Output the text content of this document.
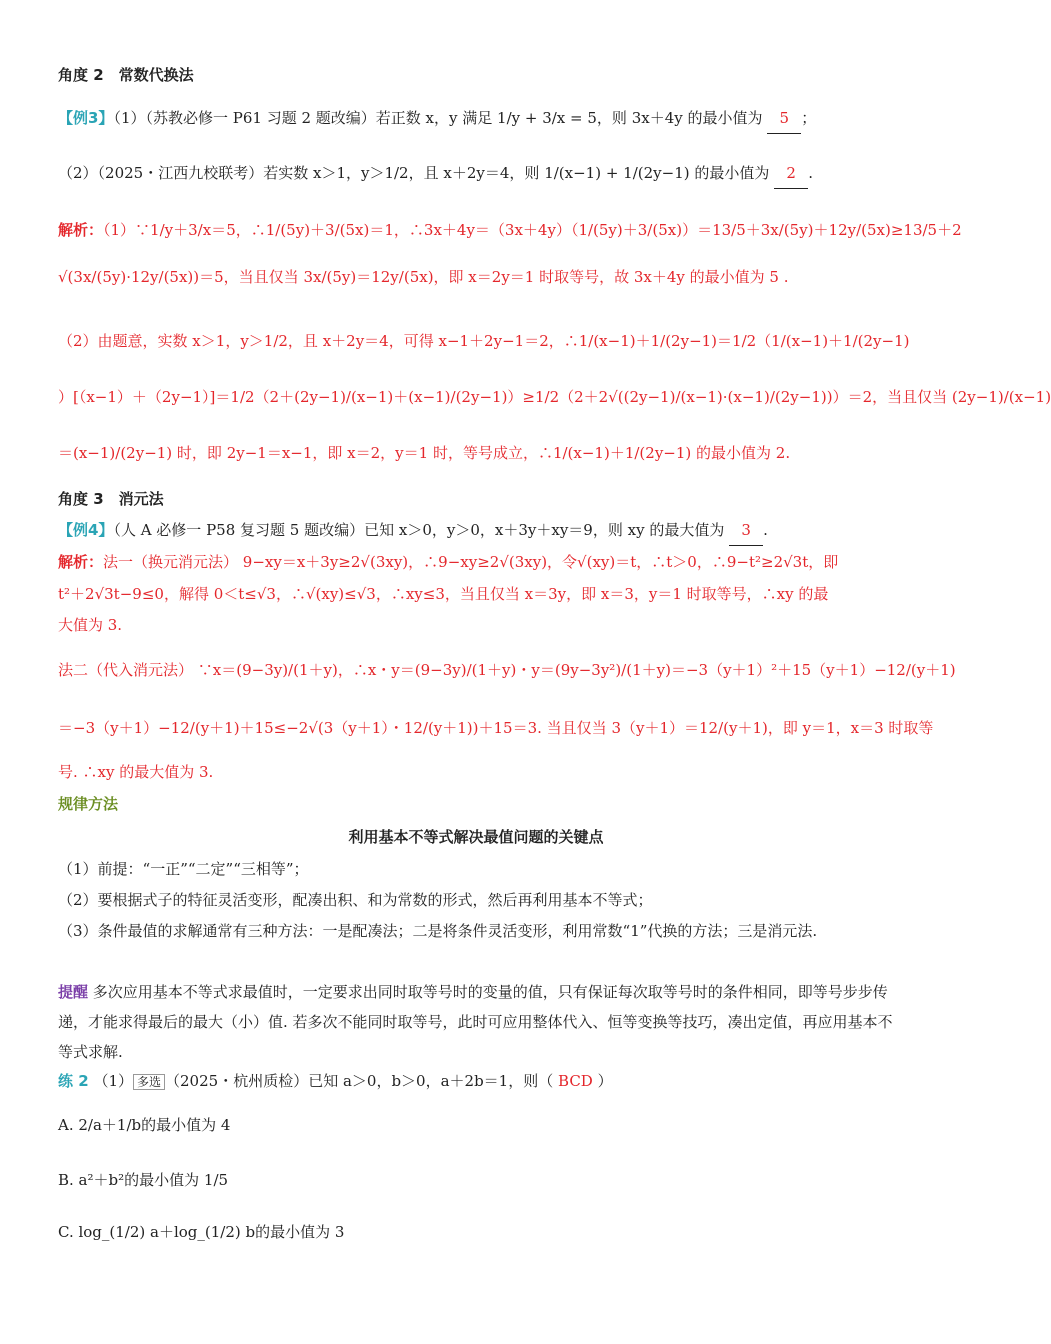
角度 2　常数代换法
【例3】（1）（苏教必修一 P61 习题 2 题改编）若正数 x，y 满足 1/y + 3/x = 5，则 3x＋4y 的最小值为 5 ；
（2）（2025・江西九校联考）若实数 x＞1，y＞1/2，且 x＋2y＝4，则 1/(x−1) + 1/(2y−1) 的最小值为 2 .
解析：（1）∵1/y＋3/x＝5，∴1/(5y)＋3/(5x)＝1，∴3x＋4y＝（3x＋4y）（1/(5y)＋3/(5x)）＝13/5＋3x/(5y)＋12y/(5x)≥13/5＋2
√(3x/(5y)·12y/(5x))＝5，当且仅当 3x/(5y)＝12y/(5x)，即 x＝2y＝1 时取等号，故 3x＋4y 的最小值为 5 .
（2）由题意，实数 x＞1，y＞1/2，且 x＋2y＝4，可得 x−1＋2y−1＝2，∴1/(x−1)＋1/(2y−1)＝1/2（1/(x−1)＋1/(2y−1)
）[（x−1）＋（2y−1）]＝1/2（2＋(2y−1)/(x−1)＋(x−1)/(2y−1)）≥1/2（2＋2√((2y−1)/(x−1)·(x−1)/(2y−1))）＝2，当且仅当 (2y−1)/(x−1)
＝(x−1)/(2y−1) 时，即 2y−1＝x−1，即 x＝2，y＝1 时，等号成立，∴1/(x−1)＋1/(2y−1) 的最小值为 2.
角度 3　消元法
【例4】（人 A 必修一 P58 复习题 5 题改编）已知 x＞0，y＞0，x＋3y＋xy＝9，则 xy 的最大值为 3 .
解析：法一（换元消元法） 9−xy＝x＋3y≥2√(3xy)，∴9−xy≥2√(3xy)，令√(xy)＝t，∴t＞0，∴9−t²≥2√3t，即
t²＋2√3t−9≤0，解得 0＜t≤√3，∴√(xy)≤√3，∴xy≤3，当且仅当 x＝3y，即 x＝3，y＝1 时取等号，∴xy 的最
大值为 3.
法二（代入消元法） ∵x＝(9−3y)/(1＋y)，∴x・y＝(9−3y)/(1＋y)・y＝(9y−3y²)/(1＋y)＝−3（y＋1）²＋15（y＋1）−12/(y＋1)
＝−3（y＋1）−12/(y＋1)＋15≤−2√(3（y＋1）・12/(y＋1))＋15＝3. 当且仅当 3（y＋1）＝12/(y＋1)，即 y＝1，x＝3 时取等
号. ∴xy 的最大值为 3.
规律方法
利用基本不等式解决最值问题的关键点
（1）前提：“一正”“二定”“三相等”；
（2）要根据式子的特征灵活变形，配凑出积、和为常数的形式，然后再利用基本不等式；
（3）条件最值的求解通常有三种方法：一是配凑法；二是将条件灵活变形，利用常数“1”代换的方法；三是消元法.
提醒 多次应用基本不等式求最值时，一定要求出同时取等号时的变量的值，只有保证每次取等号时的条件相同，即等号步步传递，才能求得最后的最大（小）值. 若多次不能同时取等号，此时可应用整体代入、恒等变换等技巧，凑出定值，再应用基本不等式求解.
练 2 （1） 多选 （2025・杭州质检）已知 a＞0，b＞0，a＋2b＝1，则（ BCD ）
A. 2/a＋1/b的最小值为 4
B. a²＋b²的最小值为 1/5
C. log_(1/2) a＋log_(1/2) b的最小值为 3
